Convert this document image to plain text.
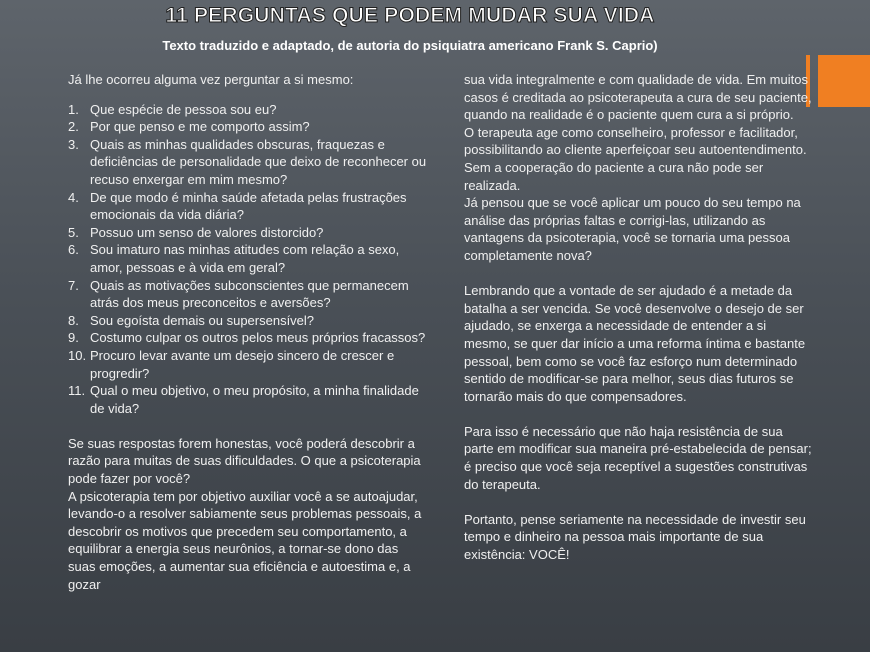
11 PERGUNTAS QUE PODEM MUDAR SUA VIDA
Texto traduzido e adaptado, de autoria do psiquiatra americano Frank S. Caprio)

Já lhe ocorreu alguma vez perguntar a si mesmo:

1. Que espécie de pessoa sou eu?
2. Por que penso e me comporto assim?
3. Quais as minhas qualidades obscuras, fraquezas e deficiências de personalidade que deixo de reconhecer ou recuso enxergar em mim mesmo?
4. De que modo é minha saúde afetada pelas frustrações emocionais da vida diária?
5. Possuo um senso de valores distorcido?
6. Sou imaturo nas minhas atitudes com relação a sexo, amor, pessoas e à vida em geral?
7. Quais as motivações subconscientes que permanecem atrás dos meus preconceitos e aversões?
8. Sou egoísta demais ou supersensível?
9. Costumo culpar os outros pelos meus próprios fracassos?
10. Procuro levar avante um desejo sincero de crescer e progredir?
11. Qual o meu objetivo, o meu propósito, a minha finalidade de vida?

Se suas respostas forem honestas, você poderá descobrir a razão para muitas de suas dificuldades. O que a psicoterapia pode fazer por você?

A psicoterapia tem por objetivo auxiliar você a se autoajudar, levando-o a resolver sabiamente seus problemas pessoais, a descobrir os motivos que precedem seu comportamento, a equilibrar a energia seus neurônios, a tornar-se dono das suas emoções, a aumentar sua eficiência e autoestima e, a gozar

sua vida integralmente e com qualidade de vida. Em muitos casos é creditada ao psicoterapeuta a cura de seu paciente, quando na realidade é o paciente quem cura a si próprio.

O terapeuta age como conselheiro, professor e facilitador, possibilitando ao cliente aperfeiçoar seu autoentendimento. Sem a cooperação do paciente a cura não pode ser realizada.

Já pensou que se você aplicar um pouco do seu tempo na análise das próprias faltas e corrigi-las, utilizando as vantagens da psicoterapia, você se tornaria uma pessoa completamente nova?

Lembrando que a vontade de ser ajudado é a metade da batalha a ser vencida. Se você desenvolve o desejo de ser ajudado, se enxerga a necessidade de entender a si mesmo, se quer dar início a uma reforma íntima e bastante pessoal, bem como se você faz esforço num determinado sentido de modificar-se para melhor, seus dias futuros se tornarão mais do que compensadores.

Para isso é necessário que não haja resistência de sua parte em modificar sua maneira pré-estabelecida de pensar; é preciso que você seja receptível a sugestões construtivas do terapeuta.

Portanto, pense seriamente na necessidade de investir seu tempo e dinheiro na pessoa mais importante de sua existência: VOCÊ!
